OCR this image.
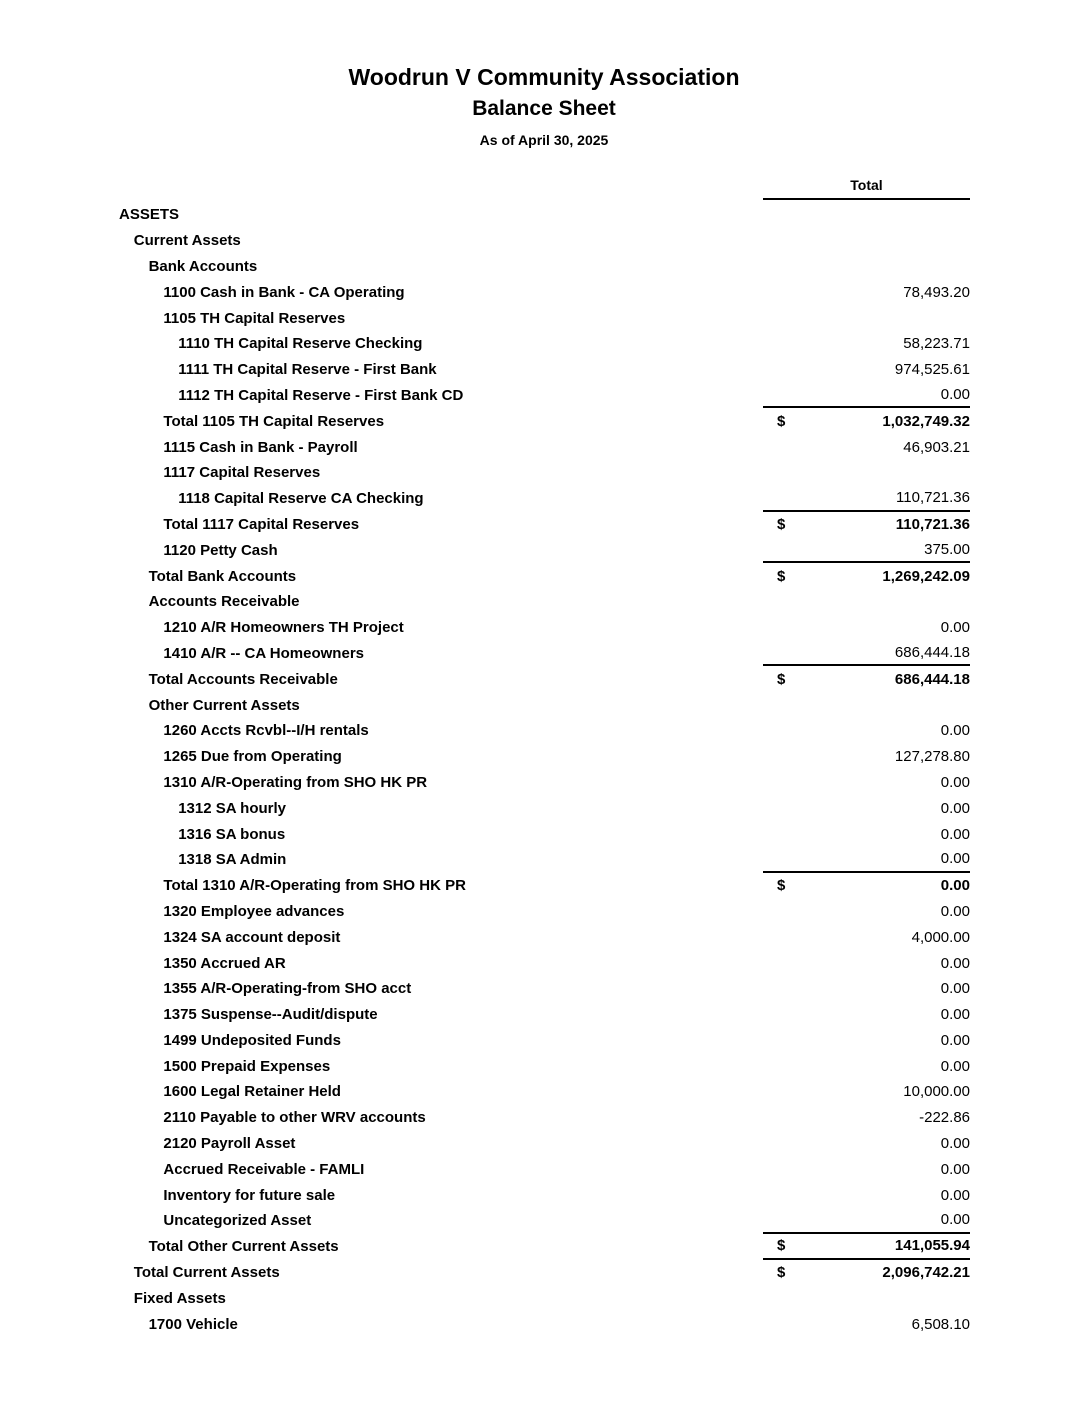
Woodrun V Community Association
Balance Sheet
As of April 30, 2025
Total
ASSETS
Current Assets
Bank Accounts
1100 Cash in Bank - CA Operating	78,493.20
1105 TH Capital Reserves
1110 TH Capital Reserve Checking	58,223.71
1111 TH Capital Reserve - First Bank	974,525.61
1112 TH Capital Reserve - First Bank CD	0.00
Total 1105 TH Capital Reserves	$	1,032,749.32
1115 Cash in Bank - Payroll	46,903.21
1117 Capital Reserves
1118 Capital Reserve CA Checking	110,721.36
Total 1117 Capital Reserves	$	110,721.36
1120 Petty Cash	375.00
Total Bank Accounts	$	1,269,242.09
Accounts Receivable
1210 A/R Homeowners TH Project	0.00
1410 A/R -- CA Homeowners	686,444.18
Total Accounts Receivable	$	686,444.18
Other Current Assets
1260 Accts Rcvbl--I/H rentals	0.00
1265 Due from Operating	127,278.80
1310 A/R-Operating from SHO HK PR	0.00
1312 SA hourly	0.00
1316 SA bonus	0.00
1318 SA Admin	0.00
Total 1310 A/R-Operating from SHO HK PR	$	0.00
1320 Employee advances	0.00
1324 SA account deposit	4,000.00
1350 Accrued AR	0.00
1355 A/R-Operating-from SHO acct	0.00
1375 Suspense--Audit/dispute	0.00
1499 Undeposited Funds	0.00
1500 Prepaid Expenses	0.00
1600 Legal Retainer Held	10,000.00
2110 Payable to other WRV accounts	-222.86
2120 Payroll Asset	0.00
Accrued Receivable - FAMLI	0.00
Inventory for future sale	0.00
Uncategorized Asset	0.00
Total Other Current Assets	$	141,055.94
Total Current Assets	$	2,096,742.21
Fixed Assets
1700 Vehicle	6,508.10
